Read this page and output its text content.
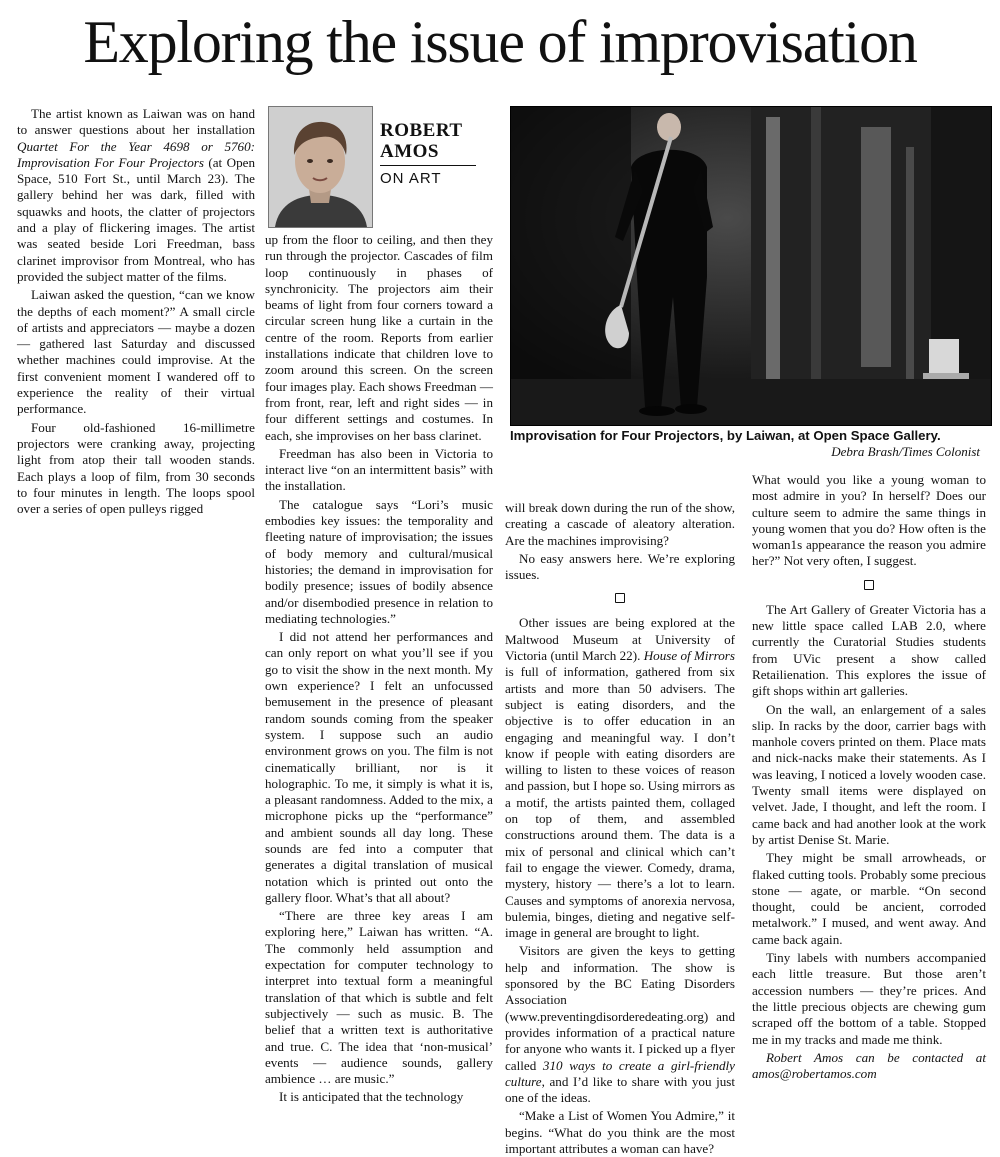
Exploring the issue of improvisation

The artist known as Laiwan was on hand to answer questions about her installation Quartet For the Year 4698 or 5760: Improvisation For Four Projectors (at Open Space, 510 Fort St., until March 23). The gallery behind her was dark, filled with squawks and hoots, the clatter of projectors and a play of flickering images. The artist was seated beside Lori Freedman, bass clarinet improvisor from Montreal, who has provided the subject matter of the films.

Laiwan asked the question, “can we know the depths of each moment?” A small circle of artists and appreciators — maybe a dozen — gathered last Saturday and discussed whether machines could improvise. At the first convenient moment I wandered off to experience the reality of their virtual performance.

Four old-fashioned 16-millimetre projectors were cranking away, projecting light from atop their tall wooden stands. Each plays a loop of film, from 30 seconds to four minutes in length. The loops spool over a series of open pulleys rigged

ROBERT
AMOS
ON ART
Improvisation for Four Projectors, by Laiwan, at Open Space Gallery.
Debra Brash/Times Colonist

up from the floor to ceiling, and then they run through the projector. Cascades of film loop continuously in phases of synchronicity. The projectors aim their beams of light from four corners toward a circular screen hung like a curtain in the centre of the room. Reports from earlier installations indicate that children love to zoom around this screen. On the screen four images play. Each shows Freedman — from front, rear, left and right sides — in four different settings and costumes. In each, she improvises on her bass clarinet.

Freedman has also been in Victoria to interact live “on an intermittent basis” with the installation.

The catalogue says “Lori’s music embodies key issues: the temporality and fleeting nature of improvisation; the issues of body memory and cultural/musical histories; the demand in improvisation for bodily presence; issues of bodily absence and/or disembodied presence in relation to mediating technologies.”

I did not attend her performances and can only report on what you’ll see if you go to visit the show in the next month. My own experience? I felt an unfocussed bemusement in the presence of pleasant random sounds coming from the speaker system. I suppose such an audio environment grows on you. The film is not cinematically brilliant, nor is it holographic. To me, it simply is what it is, a pleasant randomness. Added to the mix, a microphone picks up the “performance” and ambient sounds all day long. These sounds are fed into a computer that generates a digital translation of musical notation which is printed out onto the gallery floor. What’s that all about?

“There are three key areas I am exploring here,” Laiwan has written. “A. The commonly held assumption and expectation for computer technology to interpret into textual form a meaningful translation of that which is subtle and felt subjectively — such as music. B. The belief that a written text is authoritative and true. C. The idea that ‘non-musical’ events — audience sounds, gallery ambience … are music.”

It is anticipated that the technology

will break down during the run of the show, creating a cascade of aleatory alteration. Are the machines improvising?

No easy answers here. We’re exploring issues.

Other issues are being explored at the Maltwood Museum at University of Victoria (until March 22). House of Mirrors is full of information, gathered from six artists and more than 50 advisers. The subject is eating disorders, and the objective is to offer education in an engaging and meaningful way. I don’t know if people with eating disorders are willing to listen to these voices of reason and passion, but I hope so. Using mirrors as a motif, the artists painted them, collaged on top of them, and assembled constructions around them. The data is a mix of personal and clinical which can’t fail to engage the viewer. Comedy, drama, mystery, history — there’s a lot to learn. Causes and symptoms of anorexia nervosa, bulemia, binges, dieting and negative self-image in general are brought to light.

Visitors are given the keys to getting help and information. The show is sponsored by the BC Eating Disorders Association (www.preventingdisorderedeating.org) and provides information of a practical nature for anyone who wants it. I picked up a flyer called 310 ways to create a girl-friendly culture, and I’d like to share with you just one of the ideas.

“Make a List of Women You Admire,” it begins. “What do you think are the most important attributes a woman can have?

What would you like a young woman to most admire in you? In herself? Does our culture seem to admire the same things in young women that you do? How often is the woman1s appearance the reason you admire her?” Not very often, I suggest.

The Art Gallery of Greater Victoria has a new little space called LAB 2.0, where currently the Curatorial Studies students from UVic present a show called Retailienation. This explores the issue of gift shops within art galleries.

On the wall, an enlargement of a sales slip. In racks by the door, carrier bags with manhole covers printed on them. Place mats and nick-nacks make their statements. As I was leaving, I noticed a lovely wooden case. Twenty small items were displayed on velvet. Jade, I thought, and left the room. I came back and had another look at the work by artist Denise St. Marie.

They might be small arrowheads, or flaked cutting tools. Probably some precious stone — agate, or marble. “On second thought, could be ancient, corroded metalwork.” I mused, and went away. And came back again.

Tiny labels with numbers accompanied each little treasure. But those aren’t accession numbers — they’re prices. And the little precious objects are chewing gum scraped off the bottom of a table. Stopped me in my tracks and made me think.

Robert Amos can be contacted at amos@robertamos.com
